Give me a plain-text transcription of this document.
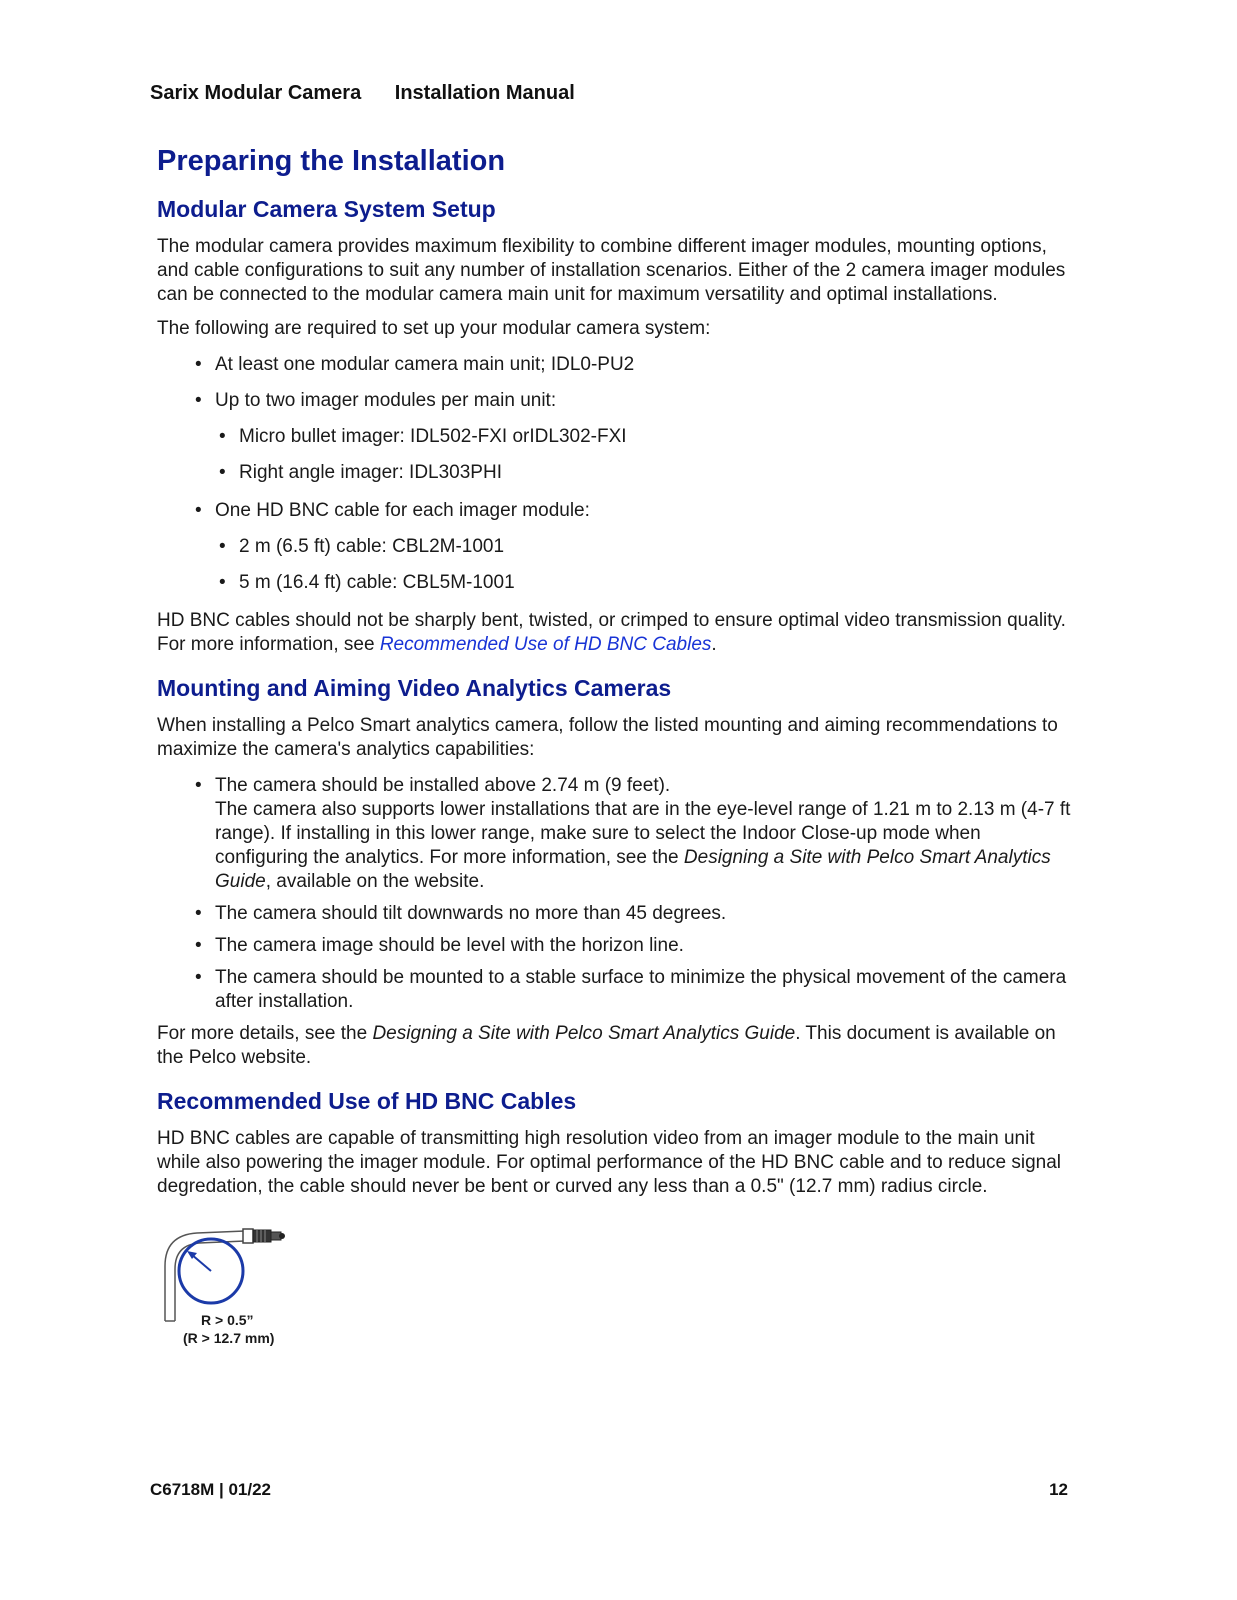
Sarix Modular Camera Installation Manual
Preparing the Installation
Modular Camera System Setup

The modular camera provides maximum flexibility to combine different imager modules, mounting options, and cable configurations to suit any number of installation scenarios. Either of the 2 camera imager modules can be connected to the modular camera main unit for maximum versatility and optimal installations.

The following are required to set up your modular camera system:

• At least one modular camera main unit; IDL0-PU2
• Up to two imager modules per main unit:
• Micro bullet imager: IDL502-FXI orIDL302-FXI
• Right angle imager: IDL303PHI
• One HD BNC cable for each imager module:
• 2 m (6.5 ft) cable: CBL2M-1001
• 5 m (16.4 ft) cable: CBL5M-1001

HD BNC cables should not be sharply bent, twisted, or crimped to ensure optimal video transmission quality. For more information, see Recommended Use of HD BNC Cables.

Mounting and Aiming Video Analytics Cameras

When installing a Pelco Smart analytics camera, follow the listed mounting and aiming recommendations to maximize the camera's analytics capabilities:

• The camera should be installed above 2.74 m (9 feet).
The camera also supports lower installations that are in the eye-level range of 1.21 m to 2.13 m (4-7 ft range). If installing in this lower range, make sure to select the Indoor Close-up mode when configuring the analytics. For more information, see the Designing a Site with Pelco Smart Analytics Guide, available on the website.
• The camera should tilt downwards no more than 45 degrees.
• The camera image should be level with the horizon line.
• The camera should be mounted to a stable surface to minimize the physical movement of the camera after installation.

For more details, see the Designing a Site with Pelco Smart Analytics Guide. This document is available on the Pelco website.

Recommended Use of HD BNC Cables

HD BNC cables are capable of transmitting high resolution video from an imager module to the main unit while also powering the imager module. For optimal performance of the HD BNC cable and to reduce signal degredation, the cable should never be bent or curved any less than a 0.5" (12.7 mm) radius circle.

R > 0.5”
(R > 12.7 mm)
C6718M | 01/22	12
